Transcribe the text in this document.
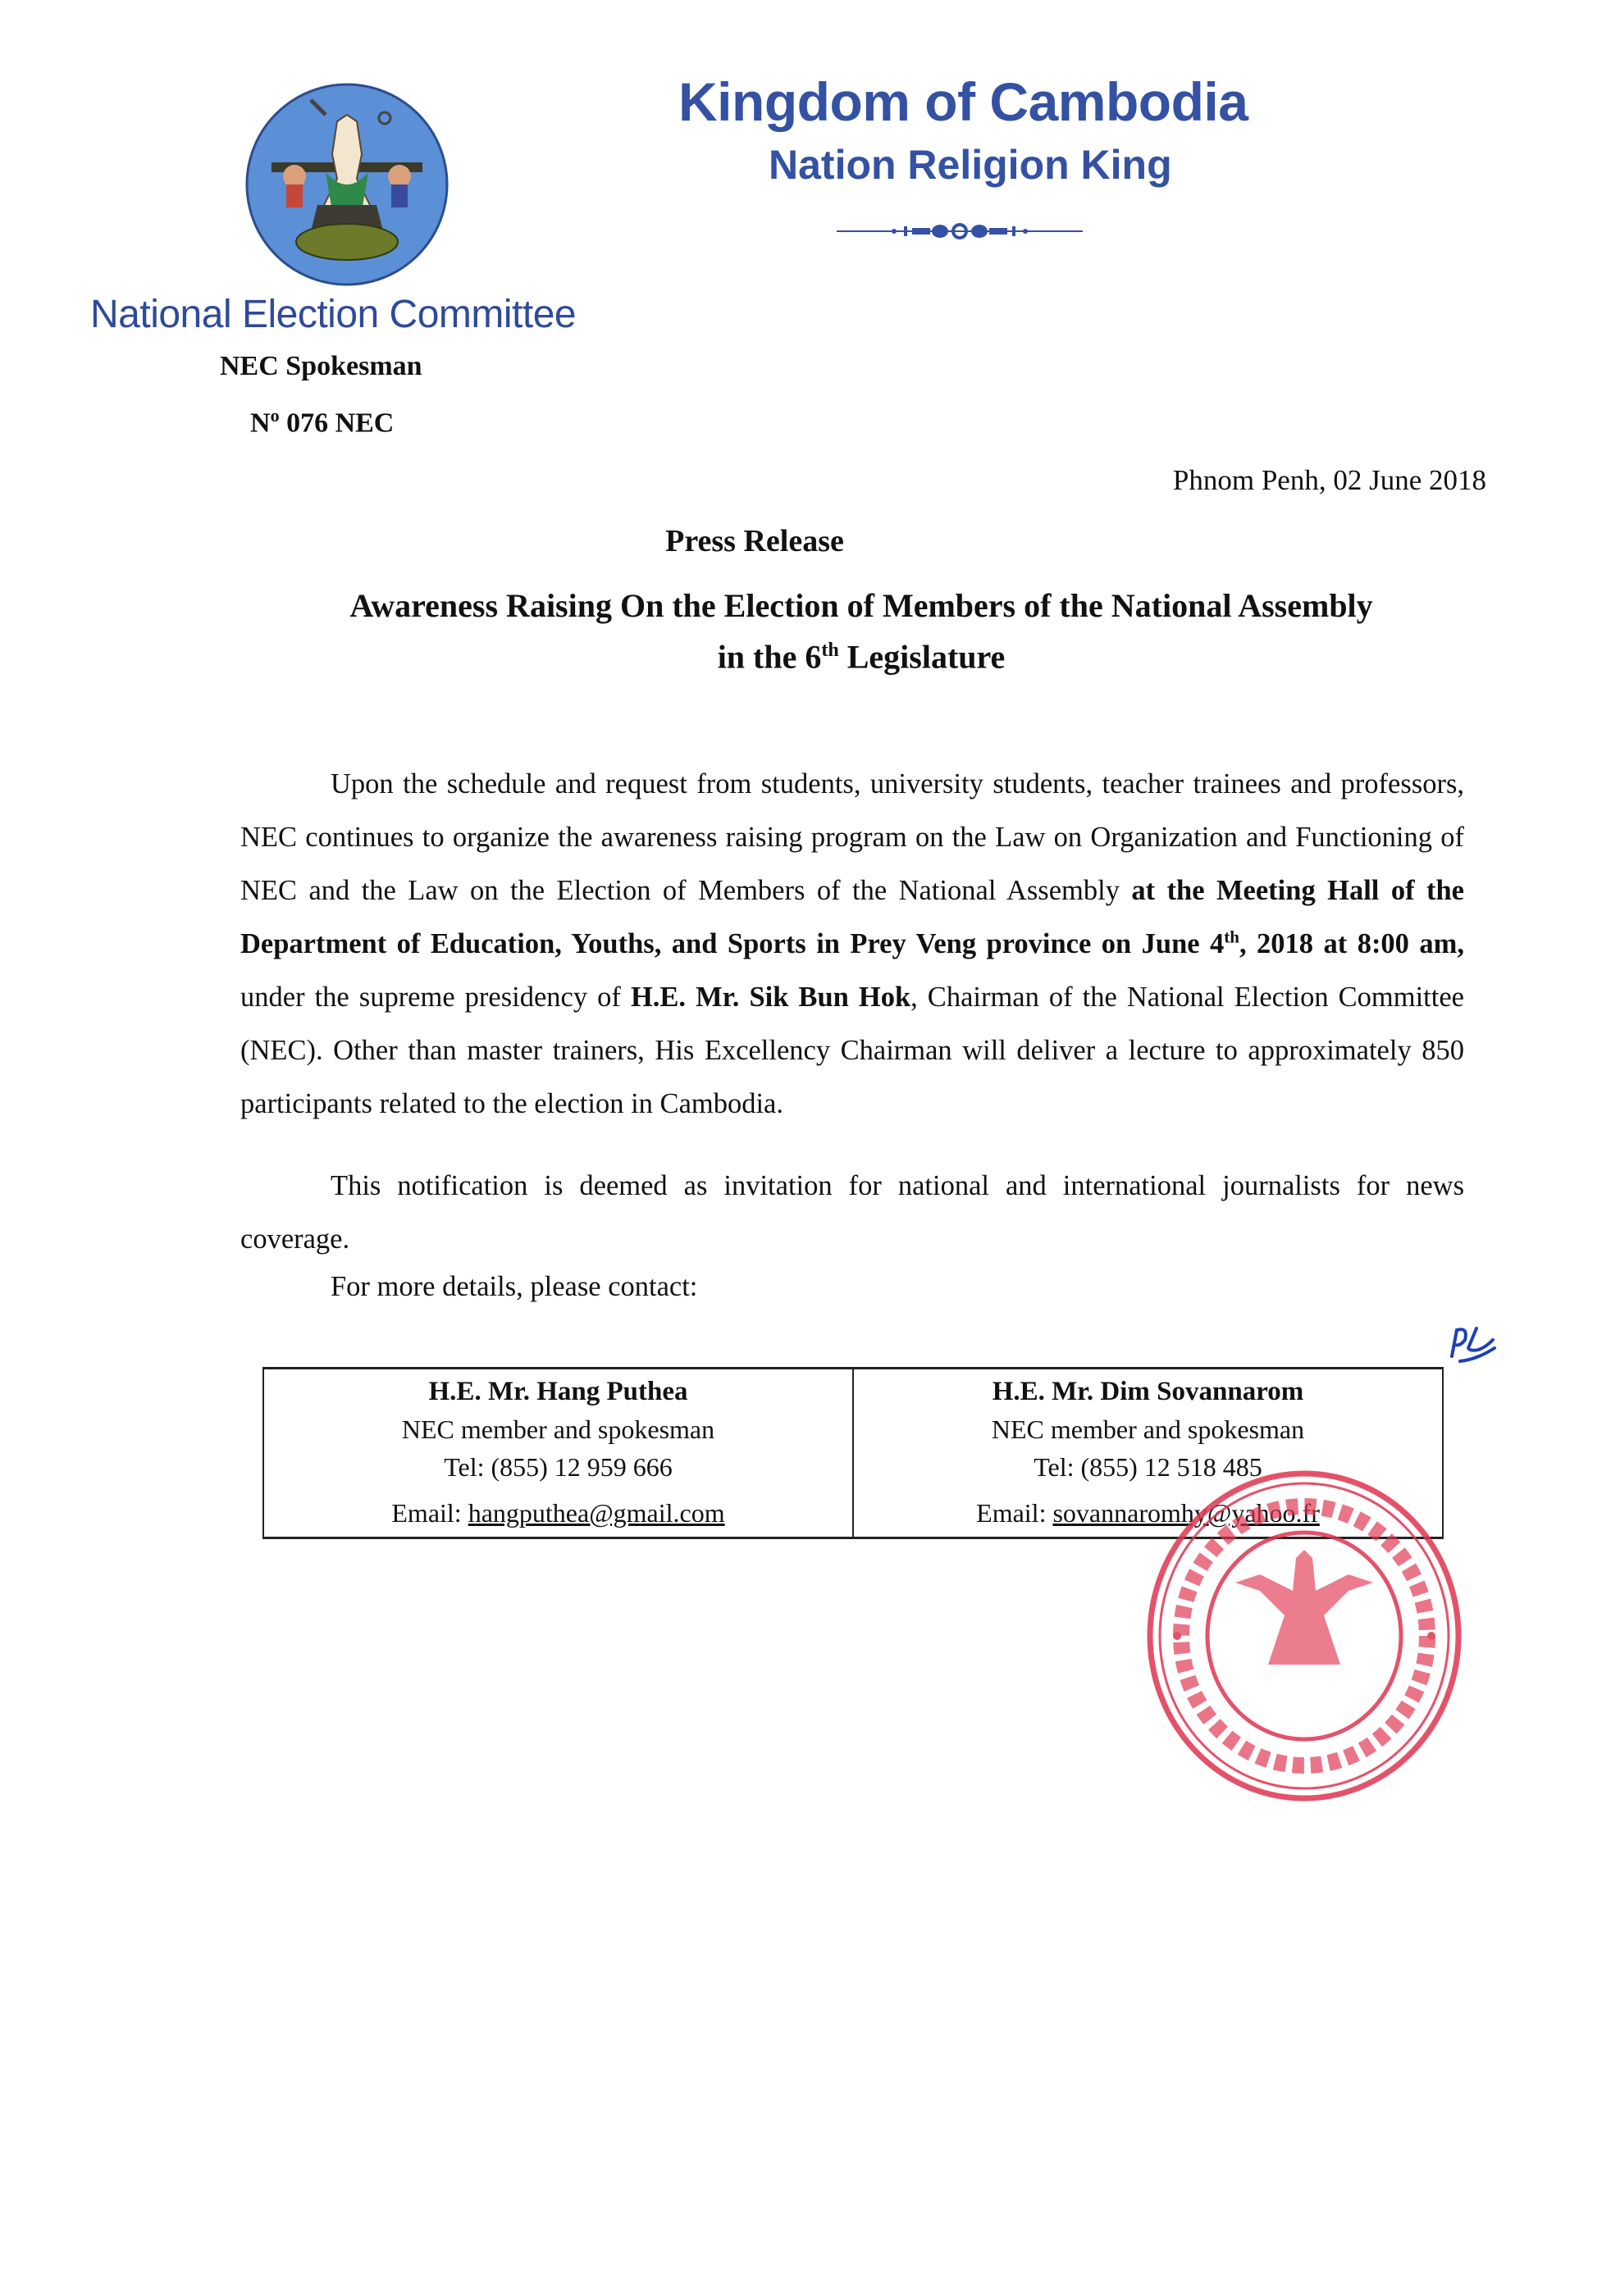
National Election Committee
NEC Spokesman
$N^o$ 076 NEC
Kingdom of Cambodia
Nation Religion King
Phnom Penh, 02 June 2018
Press Release
Awareness Raising On the Election of Members of the National Assembly
in the 6th Legislature
Upon the schedule and request from students, university students, teacher trainees and professors, NEC continues to organize the awareness raising program on the Law on Organization and Functioning of NEC and the Law on the Election of Members of the National Assembly at the Meeting Hall of the Department of Education, Youths, and Sports in Prey Veng province on June 4th, 2018 at 8:00 am, under the supreme presidency of H.E. Mr. Sik Bun Hok, Chairman of the National Election Committee (NEC). Other than master trainers, His Excellency Chairman will deliver a lecture to approximately 850 participants related to the election in Cambodia.
This notification is deemed as invitation for national and international journalists for news coverage.
For more details, please contact:
H.E. Mr. Hang Puthea
NEC member and spokesman
Tel: (855) 12 959 666
Email: hangputhea@gmail.com
H.E. Mr. Dim Sovannarom
NEC member and spokesman
Tel: (855) 12 518 485
Email: sovannaromhy@yahoo.fr
